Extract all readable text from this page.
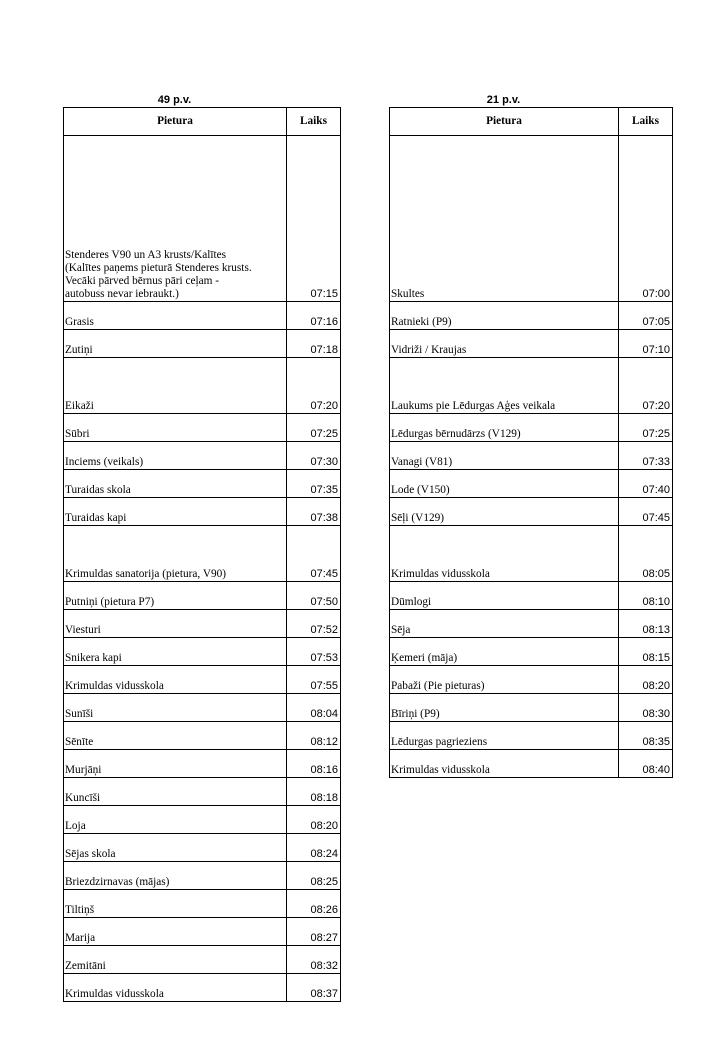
49 p.v.
Pietura	Laiks
Stenderes V90 un A3 krusts/Kalītes
(Kalītes paņems pieturā Stenderes krusts.
Vecāki pārved bērnus pāri ceļam -
autobuss nevar iebraukt.)	07:15
Grasis	07:16
Zutiņi	07:18
Eikaži	07:20
Sūbri	07:25
Inciems (veikals)	07:30
Turaidas skola	07:35
Turaidas kapi	07:38
Krimuldas sanatorija (pietura, V90)	07:45
Putniņi (pietura P7)	07:50
Viesturi	07:52
Snikera kapi	07:53
Krimuldas vidusskola	07:55
Sunīši	08:04
Sēnīte	08:12
Murjāņi	08:16
Kuncīši	08:18
Loja	08:20
Sējas skola	08:24
Briezdzirnavas (mājas)	08:25
Tiltiņš	08:26
Marija	08:27
Zemitāni	08:32
Krimuldas vidusskola	08:37
21 p.v.
Pietura	Laiks
Skultes	07:00
Ratnieki (P9)	07:05
Vidriži / Kraujas	07:10
Laukums pie Lēdurgas Aģes veikala	07:20
Lēdurgas bērnudārzs (V129)	07:25
Vanagi (V81)	07:33
Lode (V150)	07:40
Sēļi (V129)	07:45
Krimuldas vidusskola	08:05
Dūmlogi	08:10
Sēja	08:13
Ķemeri (māja)	08:15
Pabaži (Pie pieturas)	08:20
Bīriņi (P9)	08:30
Lēdurgas pagrieziens	08:35
Krimuldas vidusskola	08:40
